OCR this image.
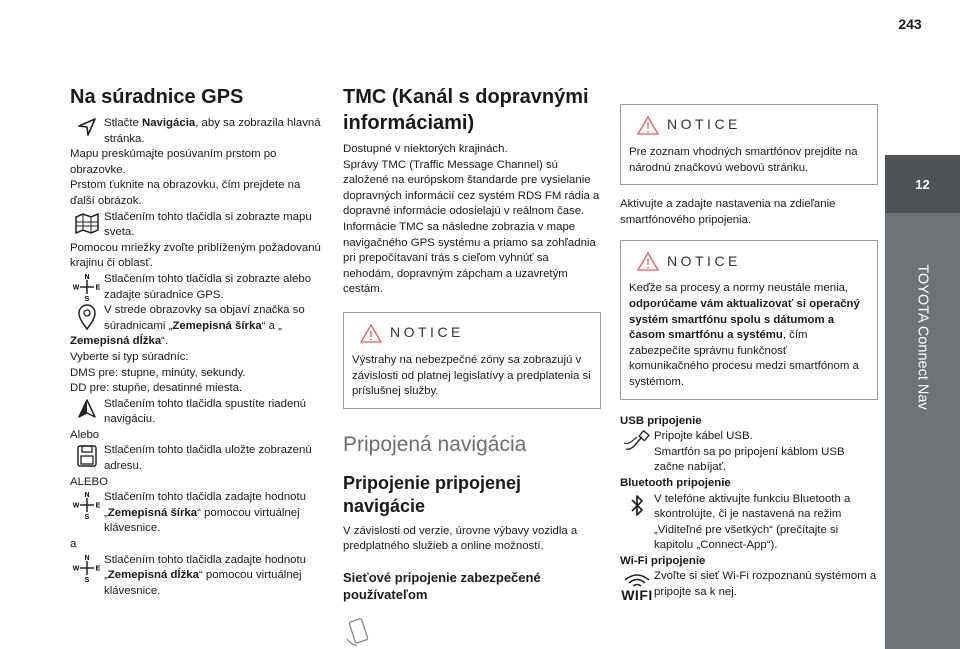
243
12
TOYOTA Connect Nav
Na súradnice GPS

Stlačte Navigácia, aby sa zobrazila hlavná stránka.

Mapu preskúmajte posúvaním prstom po obrazovke.

Prstom ťuknite na obrazovku, čím prejdete na ďalší obrázok.

Stlačením tohto tlačidla si zobrazte mapu sveta.

Pomocou mriežky zvoľte priblíženým požadovanú krajinu či oblasť.

N
S
W E

Stlačením tohto tlačidla si zobrazte alebo zadajte súradnice GPS.

V strede obrazovky sa objaví značka so súradnicami „Zemepisná šírka“ a „

Zemepisná dĺžka“.

Vyberte si typ súradníc:

DMS pre: stupne, minúty, sekundy.

DD pre: stupňe, desatinné miesta.

Stlačením tohto tlačidla spustíte riadenú navigáciu.

Alebo

Stlačením tohto tlačidla uložte zobrazenú adresu.

ALEBO

N
S
W E

Stlačením tohto tlačidla zadajte hodnotu „Zemepisná šírka“ pomocou virtuálnej klávesnice.

a

N
S
W E

Stlačením tohto tlačidla zadajte hodnotu „Zemepisná dĺžka“ pomocou virtuálnej klávesnice.

TMC (Kanál s dopravnými informáciami)

Dostupné v niektorých krajinách.

Správy TMC (Traffic Message Channel) sú založené na európskom štandarde pre vysielanie dopravných informácií cez systém RDS FM rádia a dopravné informácie odosielajú v reálnom čase.

Informácie TMC sa následne zobrazia v mape navigačného GPS systému a priamo sa zohľadnia pri prepočítavaní trás s cieľom vyhnúť sa nehodám, dopravným zápcham a uzavretým cestám.

NOTICE

Výstrahy na nebezpečné zóny sa zobrazujú v závislosti od platnej legislatívy a predplatenia si príslušnej služby.

Pripojená navigácia
Pripojenie pripojenej navigácie

V závislosti od verzie, úrovne výbavy vozidla a predplatného služieb a online možností.

Sieťové pripojenie zabezpečené používateľom
NOTICE

Pre zoznam vhodných smartfónov prejdite na národnú značkovú webovú stránku.

Aktivujte a zadajte nastavenia na zdieľanie smartfónového pripojenia.

NOTICE

Keďže sa procesy a normy neustále menia, odporúčame vám aktualizovať si operačný systém smartfónu spolu s dátumom a časom smartfónu a systému, čím zabezpečíte správnu funkčnosť komunikačného procesu medzi smartfónom a systémom.

USB pripojenie

Pripojte kábel USB.

Smartfón sa po pripojení káblom USB začne nabíjať.

Bluetooth pripojenie

V telefóne aktivujte funkciu Bluetooth a skontrolujte, či je nastavená na režim „Viditeľné pre všetkých“ (prečítajte si kapitolu „Connect-App“).

Wi-Fi pripojenie

WIFI

Zvoľte si sieť Wi-Fi rozpoznanú systémom a pripojte sa k nej.
